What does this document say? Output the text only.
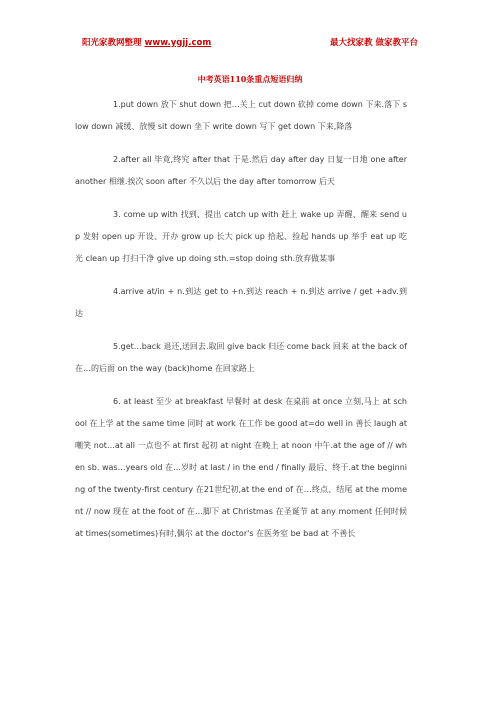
阳光家教网整理 www.ygjj.com	最大找家教 做家教平台
中考英语110条重点短语归纳

1.put down 放下 shut down 把…关上 cut down 砍掉 come down 下来.落下 slow down 减缓、放慢 sit down 坐下 write down 写下 get down 下来,降落

2.after all 毕竟,终究 after that 于是.然后 day after day 日复一日地 one after another 相继.挨次 soon after 不久以后 the day after tomorrow 后天

3. come up with 找到、提出 catch up with 赶上 wake up 弄醒、醒来 send up 发射 open up 开设、开办 grow up 长大 pick up 拾起、捡起 hands up 举手 eat up 吃光 clean up 打扫干净 give up doing sth.=stop doing sth.放弃做某事

4.arrive at/in + n.到达 get to +n.到达 reach + n.到达 arrive / get +adv.到达

5.get…back 退还,送回去.取回 give back 归还 come back 回来 at the back of 在…的后面 on the way (back)home 在回家路上

6. at least 至少 at breakfast 早餐时 at desk 在桌前 at once 立刻,马上 at school 在上学 at the same time 同时 at work 在工作 be good at=do well in 善长 laugh at 嘲笑 not…at all 一点也不 at first 起初 at night 在晚上 at noon 中午.at the age of // when sb. was…years old 在…岁时 at last / in the end / finally 最后、终于.at the beginning of the twenty-first century 在21世纪初,at the end of 在…终点、结尾 at the moment // now 现在 at the foot of 在…脚下 at Christmas 在圣诞节 at any moment 任何时候 at times(sometimes)有时,偶尔 at the doctor's 在医务室 be bad at 不善长
